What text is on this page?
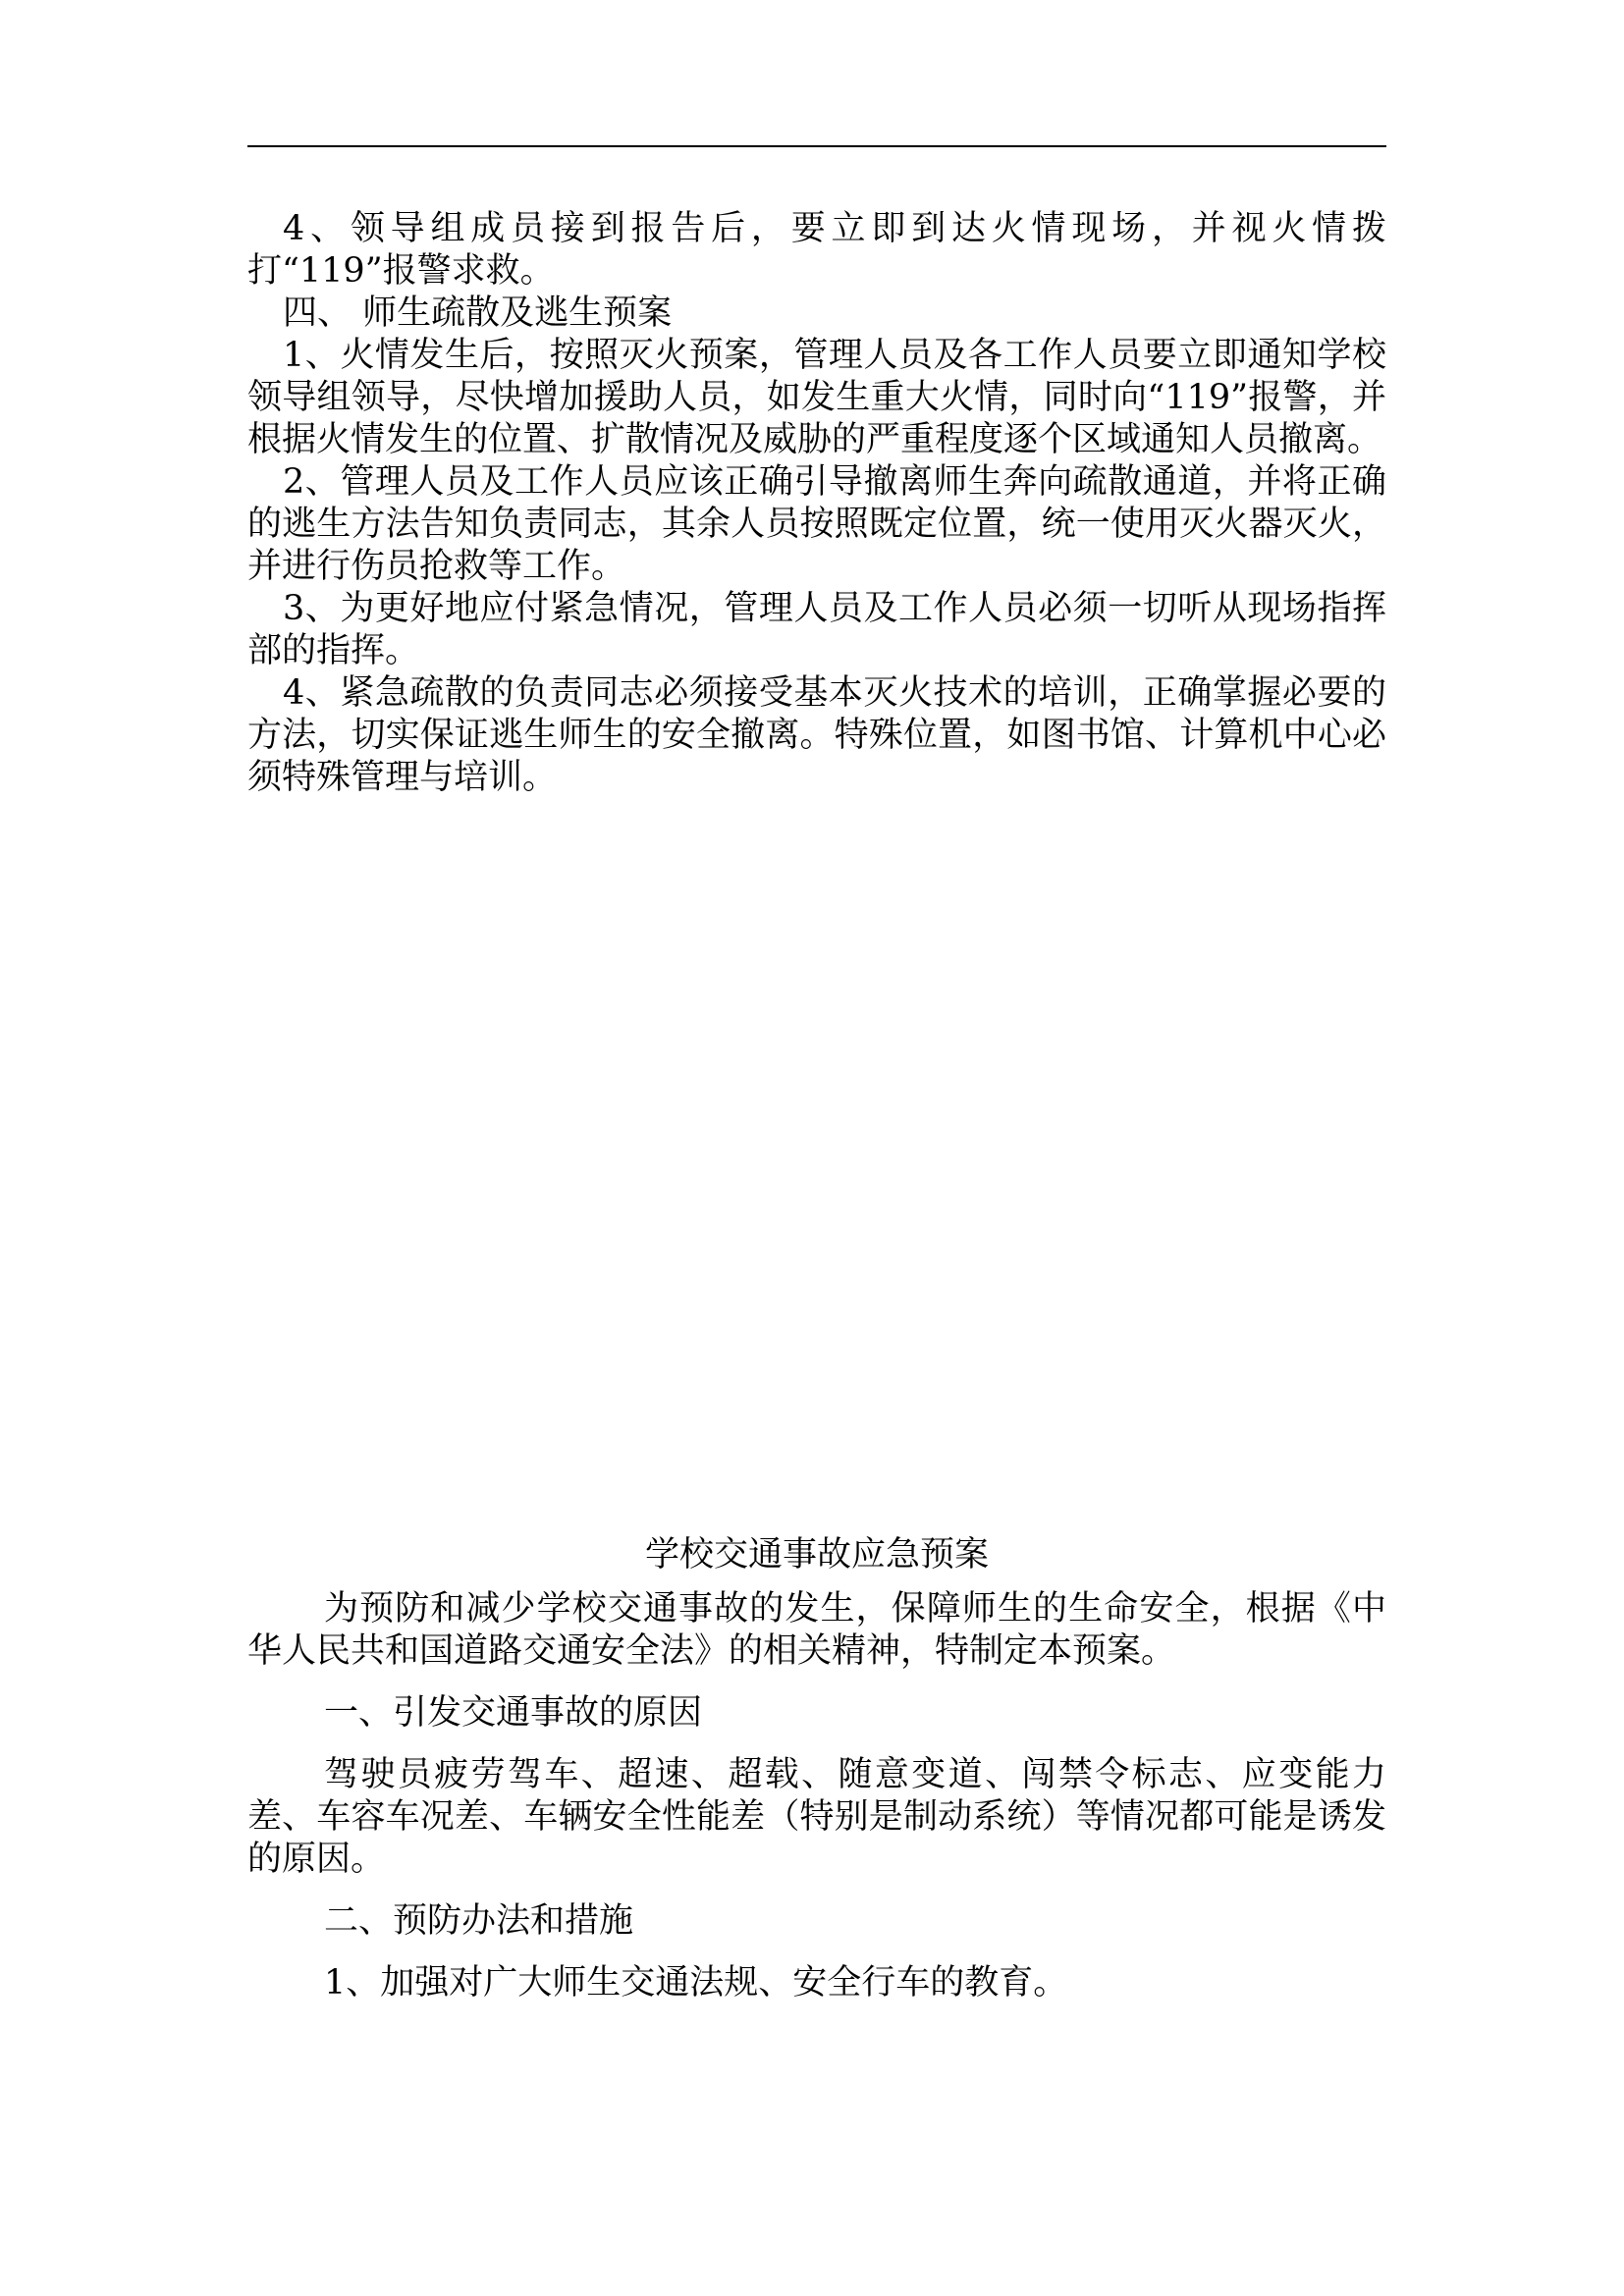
4、领导组成员接到报告后，要立即到达火情现场，并视火情拨打“119”报警求救。

四、 师生疏散及逃生预案

1、火情发生后，按照灭火预案，管理人员及各工作人员要立即通知学校领导组领导，尽快增加援助人员，如发生重大火情，同时向“119”报警，并根据火情发生的位置、扩散情况及威胁的严重程度逐个区域通知人员撤离。

2、管理人员及工作人员应该正确引导撤离师生奔向疏散通道，并将正确的逃生方法告知负责同志，其余人员按照既定位置，统一使用灭火器灭火，并进行伤员抢救等工作。

3、为更好地应付紧急情况，管理人员及工作人员必须一切听从现场指挥部的指挥。

4、紧急疏散的负责同志必须接受基本灭火技术的培训，正确掌握必要的方法，切实保证逃生师生的安全撤离。特殊位置，如图书馆、计算机中心必须特殊管理与培训。

学校交通事故应急预案

为预防和减少学校交通事故的发生，保障师生的生命安全，根据《中华人民共和国道路交通安全法》的相关精神，特制定本预案。

一、引发交通事故的原因

驾驶员疲劳驾车、超速、超载、随意变道、闯禁令标志、应变能力差、车容车况差、车辆安全性能差（特别是制动系统）等情况都可能是诱发的原因。

二、预防办法和措施

1、加强对广大师生交通法规、安全行车的教育。
